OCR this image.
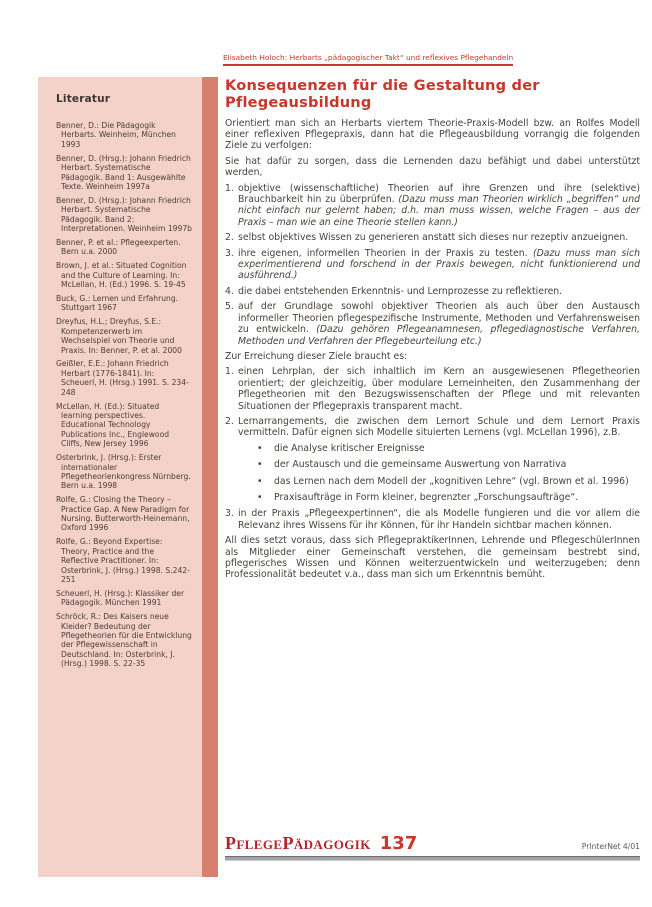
Elisabeth Holoch: Herbarts „pädagogischer Takt“ und reflexives Pflegehandeln
Literatur
Benner, D.: Die Pädagogik Herbarts. Weinheim, München 1993
Benner, D. (Hrsg.): Johann Friedrich Herbart. Systematische Pädagogik. Band 1: Ausgewählte Texte. Weinheim 1997a
Benner, D. (Hrsg.): Johann Friedrich Herbart. Systematische Pädagogik. Band 2: Interpretationen. Weinheim 1997b
Benner, P. et al.: Pflegeexperten. Bern u.a. 2000
Brown, J. et al.: Situated Cognition and the Culture of Learning. In: McLellan, H. (Ed.) 1996. S. 19-45
Buck, G.: Lernen und Erfahrung. Stuttgart 1967
Dreyfus, H.L.; Dreyfus, S.E.: Kompetenzerwerb im Wechselspiel von Theorie und Praxis. In: Benner, P. et al. 2000
Geißler, E.E.: Johann Friedrich Herbart (1776-1841). In: Scheuerl, H. (Hrsg.) 1991. S. 234-248
McLellan, H. (Ed.): Situated learning perspectives. Educational Technology Publications Inc., Englewood Cliffs, New Jersey 1996
Osterbrink, J. (Hrsg.): Erster internationaler Pflegetheorienkongress Nürnberg. Bern u.a. 1998
Rolfe, G.: Closing the Theory – Practice Gap. A New Paradigm for Nursing. Butterworth-Heinemann, Oxford 1996
Rolfe, G.: Beyond Expertise: Theory, Practice and the Reflective Practitioner. In: Osterbrink, J. (Hrsg.) 1998. S.242-251
Scheuerl, H. (Hrsg.): Klassiker der Pädagogik. München 1991
Schröck, R.: Des Kaisers neue Kleider? Bedeutung der Pflegetheorien für die Entwicklung der Pflegewissenschaft in Deutschland. In: Osterbrink, J. (Hrsg.) 1998. S. 22-35
Konsequenzen für die Gestaltung der Pflegeausbildung

Orientiert man sich an Herbarts viertem Theorie-Praxis-Modell bzw. an Rolfes Modell einer reflexiven Pflegepraxis, dann hat die Pflegeausbildung vorrangig die folgenden Ziele zu verfolgen:

Sie hat dafür zu sorgen, dass die Lernenden dazu befähigt und dabei unterstützt werden,

1. objektive (wissenschaftliche) Theorien auf ihre Grenzen und ihre (selektive) Brauchbarkeit hin zu überprüfen. (Dazu muss man Theorien wirklich „begriffen“ und nicht einfach nur gelernt haben; d.h. man muss wissen, welche Fragen – aus der Praxis – man wie an eine Theorie stellen kann.)
2. selbst objektives Wissen zu generieren anstatt sich dieses nur rezeptiv anzueignen.
3. ihre eigenen, informellen Theorien in der Praxis zu testen. (Dazu muss man sich experimentierend und forschend in der Praxis bewegen, nicht funktionierend und ausführend.)
4. die dabei entstehenden Erkenntnis- und Lernprozesse zu reflektieren.
5. auf der Grundlage sowohl objektiver Theorien als auch über den Austausch informeller Theorien pflegespezifische Instrumente, Methoden und Verfahrensweisen zu entwickeln. (Dazu gehören Pflegeanamnesen, pflegediagnostische Verfahren, Methoden und Verfahren der Pflegebeurteilung etc.)

Zur Erreichung dieser Ziele braucht es:

1. einen Lehrplan, der sich inhaltlich im Kern an ausgewiesenen Pflegetheorien orientiert; der gleichzeitig, über modulare Lerneinheiten, den Zusammenhang der Pflegetheorien mit den Bezugswissenschaften der Pflege und mit relevanten Situationen der Pflegepraxis transparent macht.
2. Lernarrangements, die zwischen dem Lernort Schule und dem Lernort Praxis vermitteln. Dafür eignen sich Modelle situierten Lernens (vgl. McLellan 1996), z.B.
•	die Analyse kritischer Ereignisse
•	der Austausch und die gemeinsame Auswertung von Narrativa
•	das Lernen nach dem Modell der „kognitiven Lehre“ (vgl. Brown et al. 1996)
•	Praxisaufträge in Form kleiner, begrenzter „Forschungsaufträge“.
3. in der Praxis „Pflegeexpertinnen“, die als Modelle fungieren und die vor allem die Relevanz ihres Wissens für ihr Können, für ihr Handeln sichtbar machen können.

All dies setzt voraus, dass sich PflegepraktikerInnen, Lehrende und PflegeschülerInnen als Mitglieder einer Gemeinschaft verstehen, die gemeinsam bestrebt sind, pflegerisches Wissen und Können weiterzuentwickeln und weiterzugeben; denn Professionalität bedeutet v.a., dass man sich um Erkenntnis bemüht.

PflegePädagogik 137	PrInterNet 4/01
